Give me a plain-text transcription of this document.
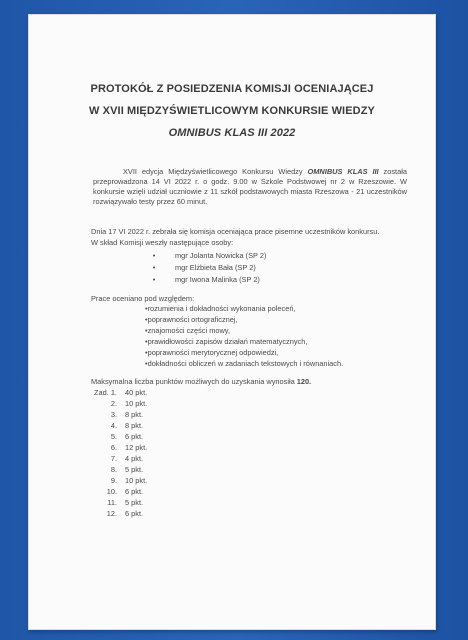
PROTOKÓŁ Z POSIEDZENIA KOMISJI OCENIAJĄCEJ
W XVII MIĘDZYŚWIETLICOWYM KONKURSIE WIEDZY
OMNIBUS KLAS III 2022
XVII edycja Międzyświetlicowego Konkursu Wiedzy OMNIBUS KLAS III została przeprowadzona 14 VI 2022 r. o godz. 9.00 w Szkole Podstwowej nr 2 w Rzeszowie. W konkursie wzięli udział uczniowie z 11 szkół podstawowych miasta Rzeszowa - 21 uczestników rozwiązywało testy przez 60 minut.
Dnia 17 VI 2022 r. zebrała się komisja oceniająca prace pisemne uczestników konkursu.
W skład Komisji weszły następujące osoby:
•	mgr Jolanta Nowicka (SP 2)
•	mgr Elżbieta Bała (SP 2)
•	mgr Iwona Malinka (SP 2)
Prace oceniano pod względem:
•rozumienia i dokładności wykonania poleceń,
•poprawności ortograficznej,
•znajomości części mowy,
•prawidłowości zapisów działań matematycznych,
•poprawności merytorycznej odpowiedzi,
•dokładności obliczeń w zadaniach tekstowych i równaniach.
Maksymalna liczba punktów możliwych do uzyskania wynosiła 120.
Zad. 1. 40 pkt.
2. 10 pkt.
3. 8 pkt.
4. 8 pkt.
5. 6 pkt.
6. 12 pkt.
7. 4 pkt.
8. 5 pkt.
9. 10 pkt.
10. 6 pkt.
11. 5 pkt.
12. 6 pkt.
